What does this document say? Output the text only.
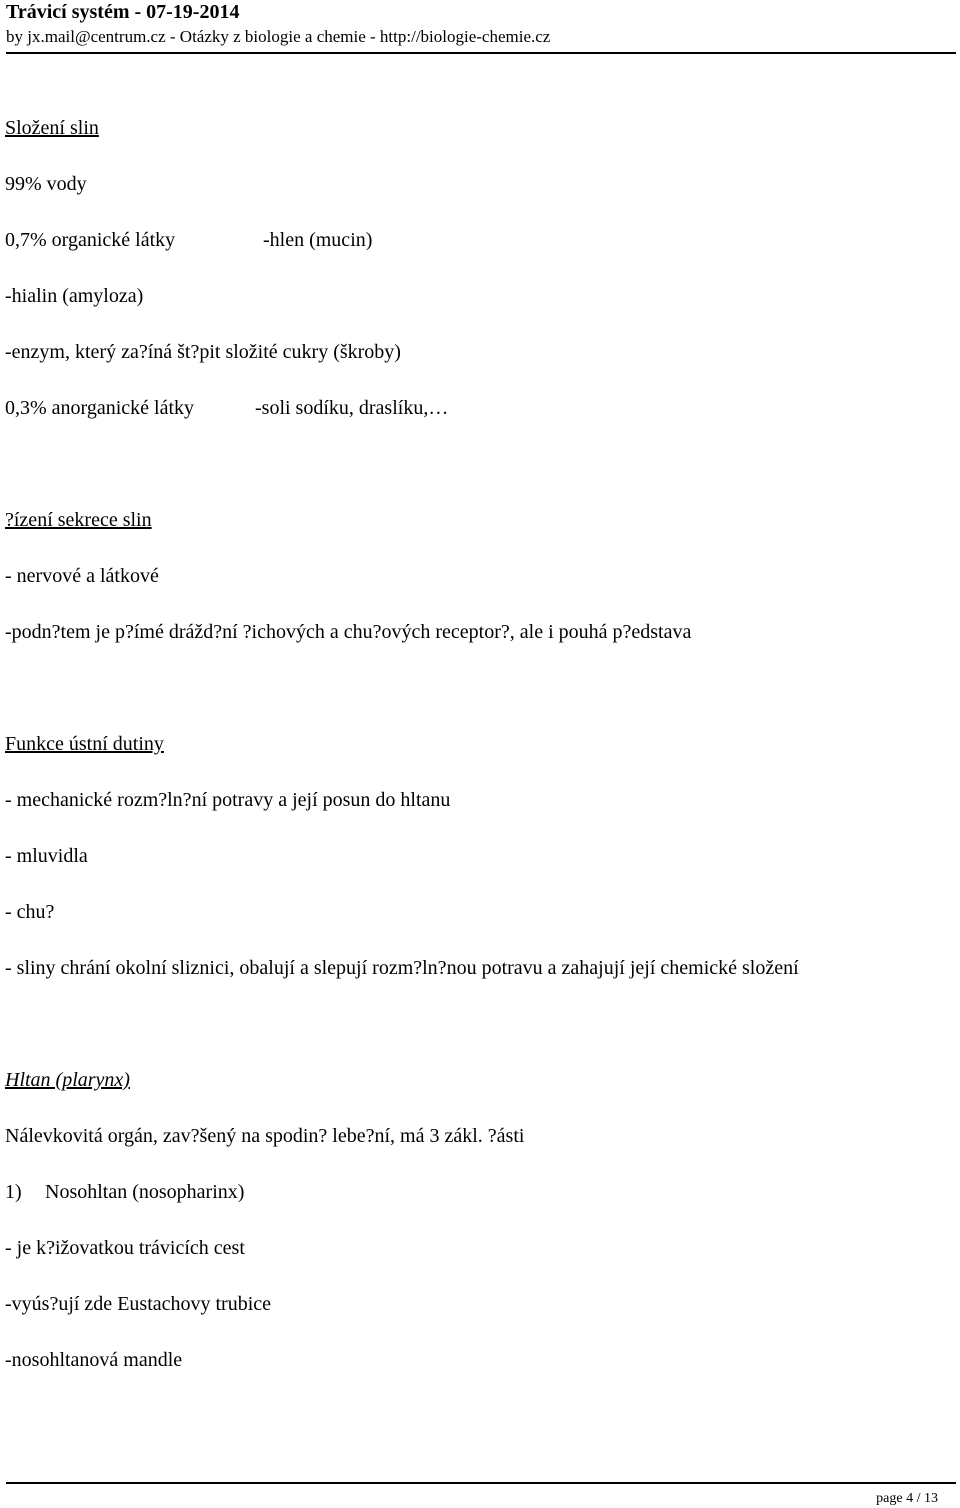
Trávicí systém - 07-19-2014
by jx.mail@centrum.cz - Otázky z biologie a chemie - http://biologie-chemie.cz
Složení slin
99% vody
0,7% organické látky	-hlen (mucin)
-hialin (amyloza)
-enzym, který za?íná št?pit složité cukry (škroby)
0,3% anorganické látky	-soli sodíku, draslíku,…
?ízení sekrece slin
- nervové a látkové
-podn?tem je p?ímé drážd?ní ?ichových a chu?ových receptor?, ale i pouhá p?edstava
Funkce ústní dutiny
- mechanické rozm?ln?ní potravy a její posun do hltanu
- mluvidla
- chu?
- sliny chrání okolní sliznici, obalují a slepují rozm?ln?nou potravu a zahajují její chemické složení
Hltan (plarynx)
Nálevkovitá orgán, zav?šený na spodin? lebe?ní, má 3 zákl. ?ásti
1) Nosohltan (nosopharinx)
- je k?ižovatkou trávicích cest
-vyús?ují zde Eustachovy trubice
-nosohltanová mandle
page 4 / 13
